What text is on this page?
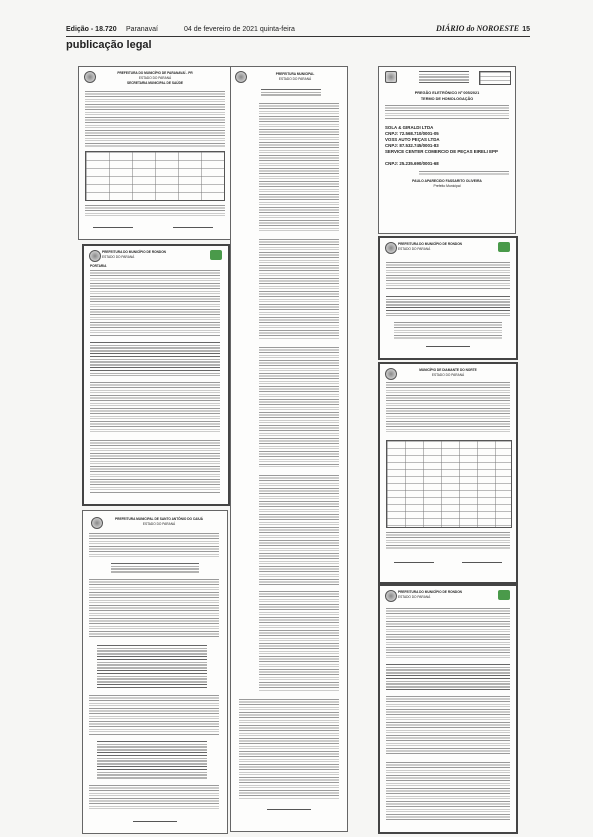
Edição - 18.720 Paranavaí	04 de fevereiro de 2021 quinta-feira	DIÁRIO do NOROESTE 15
publicação legal
PREFEITURA DO MUNICÍPIO DE PARANAVAÍ - PR
ESTADO DO PARANÁ
SECRETARIA MUNICIPAL DE SAÚDE
PREFEITURA DO MUNICÍPIO DE RONDON
ESTADO DO PARANÁ
PORTARIA
PREFEITURA MUNICIPAL DE SANTO ANTÔNIO DO CAIUÁ
ESTADO DO PARANÁ
PREFEITURA MUNICIPAL
ESTADO DO PARANÁ
PREGÃO ELETRÔNICO Nº 005/2021
TERMO DE HOMOLOGAÇÃO
SOLA & GIRALDI LTDA
CNPJ: 72.568.710/0001-05
VOSS AUTO PEÇAS LTDA
CNPJ: 87.532.745/0001-83
SERVICE CENTER COMERCIO DE PEÇAS EIRELI EPP
CNPJ: 25.235.690/0001-68
PAULO APARECIDO FASSARITO OLIVEIRA
Prefeito Municipal
PREFEITURA DO MUNICÍPIO DE RONDON
ESTADO DO PARANÁ
MUNICÍPIO DE DIAMANTE DO NORTE
ESTADO DO PARANÁ
PREFEITURA DO MUNICÍPIO DE RONDON
ESTADO DO PARANÁ
